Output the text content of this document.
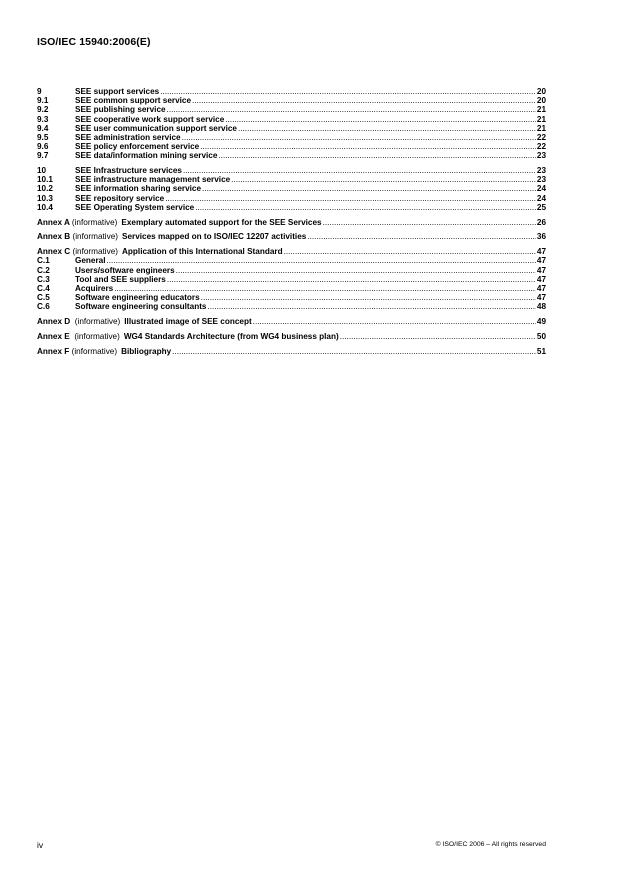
ISO/IEC 15940:2006(E)
9	SEE support services .....	20
9.1	SEE common support service .....	20
9.2	SEE publishing service .....	21
9.3	SEE cooperative work support service .....	21
9.4	SEE user communication support service .....	21
9.5	SEE administration service .....	22
9.6	SEE policy enforcement service .....	22
9.7	SEE data/information mining service .....	23
10	SEE Infrastructure services .....	23
10.1	SEE infrastructure management service .....	23
10.2	SEE information sharing service .....	24
10.3	SEE repository service .....	24
10.4	SEE Operating System service .....	25
Annex A (informative) Exemplary automated support for the SEE Services .....	26
Annex B (informative) Services mapped on to ISO/IEC 12207 activities .....	36
Annex C (informative) Application of this International Standard .....	47
C.1	General .....	47
C.2	Users/software engineers .....	47
C.3	Tool and SEE suppliers .....	47
C.4	Acquirers .....	47
C.5	Software engineering educators .....	47
C.6	Software engineering consultants .....	48
Annex D (informative) Illustrated image of SEE concept .....	49
Annex E (informative) WG4 Standards Architecture (from WG4 business plan) .....	50
Annex F (informative) Bibliography .....	51
iv	© ISO/IEC 2006 – All rights reserved
